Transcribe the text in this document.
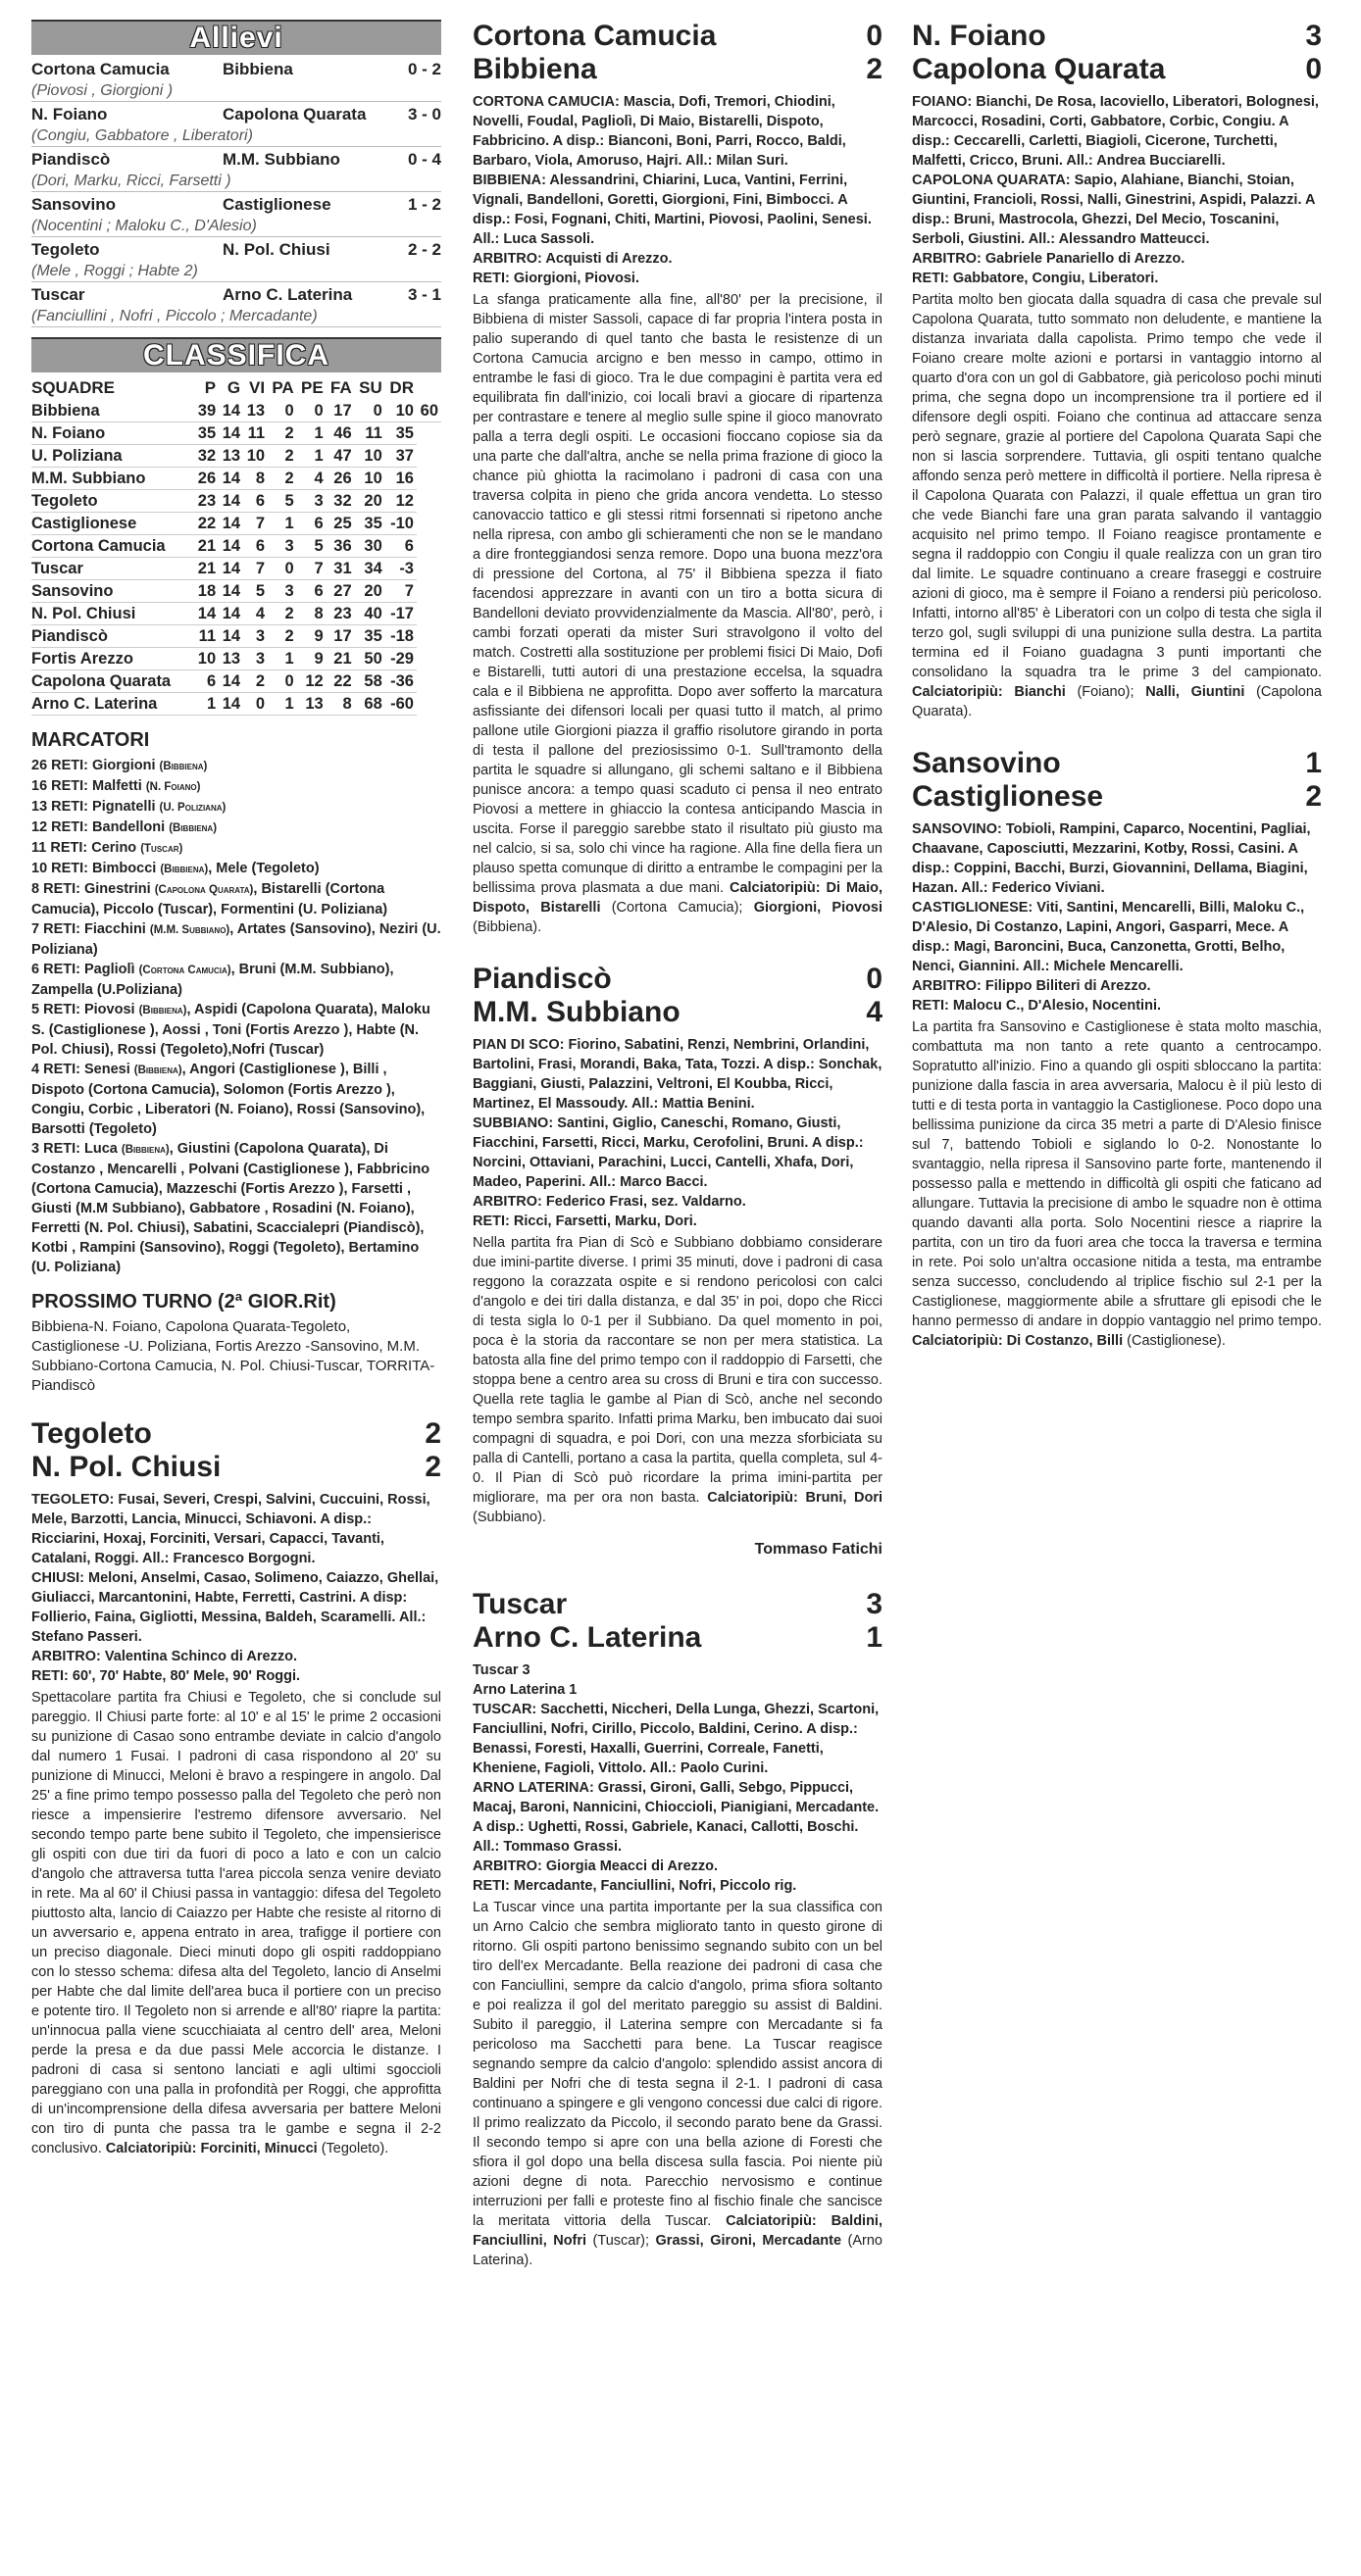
Allievi
Cortona Camucia	Bibbiena	0 - 2
(Piovosi , Giorgioni )
N. Foiano	Capolona Quarata	3 - 0
(Congiu, Gabbatore , Liberatori)
Piandiscò	M.M. Subbiano	0 - 4
(Dori, Marku, Ricci, Farsetti )
Sansovino	Castiglionese	1 - 2
(Nocentini ; Maloku C., D'Alesio)
Tegoleto	N. Pol. Chiusi	2 - 2
(Mele , Roggi ; Habte 2)
Tuscar	Arno C. Laterina	3 - 1
(Fanciullini , Nofri , Piccolo ; Mercadante)
CLASSIFICA
SQUADRE	P	G	VI	PA	PE	FA	SU	DR	
Bibbiena	39	14	13	0	0	17	0	10	60
N. Foiano	35	14	11	2	1	46	11	35	
U. Poliziana	32	13	10	2	1	47	10	37	
M.M. Subbiano	26	14	8	2	4	26	10	16	
Tegoleto	23	14	6	5	3	32	20	12	
Castiglionese	22	14	7	1	6	25	35	-10	
Cortona Camucia	21	14	6	3	5	36	30	6	
Tuscar	21	14	7	0	7	31	34	-3	
Sansovino	18	14	5	3	6	27	20	7	
N. Pol. Chiusi	14	14	4	2	8	23	40	-17	
Piandiscò	11	14	3	2	9	17	35	-18	
Fortis Arezzo	10	13	3	1	9	21	50	-29	
Capolona Quarata	6	14	2	0	12	22	58	-36	
Arno C. Laterina	1	14	0	1	13	8	68	-60	
MARCATORI
26 RETI: Giorgioni (Bibbiena)
16 RETI: Malfetti (N. Foiano)
13 RETI: Pignatelli (U. Poliziana)
12 RETI: Bandelloni (Bibbiena)
11 RETI: Cerino (Tuscar)
10 RETI: Bimbocci (Bibbiena), Mele (Tegoleto)
8 RETI: Ginestrini (Capolona Quarata), Bistarelli (Cortona Camucia), Piccolo (Tuscar), Formentini (U. Poliziana)
7 RETI: Fiacchini (M.M. Subbiano), Artates (Sansovino), Neziri (U. Poliziana)
6 RETI: Pagliolì (Cortona Camucia), Bruni (M.M. Subbiano), Zampella (U.Poliziana)
5 RETI: Piovosi (Bibbiena), Aspidi (Capolona Quarata), Maloku S. (Castiglionese ), Aossi , Toni (Fortis Arezzo ), Habte (N. Pol. Chiusi), Rossi (Tegoleto),Nofri (Tuscar)
4 RETI: Senesi (Bibbiena), Angori (Castiglionese ), Billi , Dispoto (Cortona Camucia), Solomon (Fortis Arezzo ), Congiu, Corbic , Liberatori (N. Foiano), Rossi (Sansovino), Barsotti (Tegoleto)
3 RETI: Luca (Bibbiena), Giustini (Capolona Quarata), Di Costanzo , Mencarelli , Polvani (Castiglionese ), Fabbricino (Cortona Camucia), Mazzeschi (Fortis Arezzo ), Farsetti , Giusti (M.M Subbiano), Gabbatore , Rosadini (N. Foiano), Ferretti (N. Pol. Chiusi), Sabatini, Scaccialepri (Piandiscò), Kotbi , Rampini (Sansovino), Roggi (Tegoleto), Bertamino (U. Poliziana)
PROSSIMO TURNO (2ª GIOR.Rit)
Bibbiena-N. Foiano, Capolona Quarata-Tegoleto, Castiglionese -U. Poliziana, Fortis Arezzo -Sansovino, M.M. Subbiano-Cortona Camucia, N. Pol. Chiusi-Tuscar, TORRITA-Piandiscò
Tegoleto	2
N. Pol. Chiusi	2

TEGOLETO: Fusai, Severi, Crespi, Salvini, Cuccuini, Rossi, Mele, Barzotti, Lancia, Minucci, Schiavoni. A disp.: Ricciarini, Hoxaj, Forciniti, Versari, Capacci, Tavanti, Catalani, Roggi. All.: Francesco Borgogni.

CHIUSI: Meloni, Anselmi, Casao, Solimeno, Caiazzo, Ghellai, Giuliacci, Marcantonini, Habte, Ferretti, Castrini. A disp: Follierio, Faina, Gigliotti, Messina, Baldeh, Scaramelli. All.: Stefano Passeri.

ARBITRO: Valentina Schinco di Arezzo.

RETI: 60', 70' Habte, 80' Mele, 90' Roggi.

Spettacolare partita fra Chiusi e Tegoleto, che si conclude sul pareggio. Il Chiusi parte forte: al 10' e al 15' le prime 2 occasioni su punizione di Casao sono entrambe deviate in calcio d'angolo dal numero 1 Fusai. I padroni di casa rispondono al 20' su punizione di Minucci, Meloni è bravo a respingere in angolo. Dal 25' a fine primo tempo possesso palla del Tegoleto che però non riesce a impensierire l'estremo difensore avversario. Nel secondo tempo parte bene subito il Tegoleto, che impensierisce gli ospiti con due tiri da fuori di poco a lato e con un calcio d'angolo che attraversa tutta l'area piccola senza venire deviato in rete. Ma al 60' il Chiusi passa in vantaggio: difesa del Tegoleto piuttosto alta, lancio di Caiazzo per Habte che resiste al ritorno di un avversario e, appena entrato in area, trafigge il portiere con un preciso diagonale. Dieci minuti dopo gli ospiti raddoppiano con lo stesso schema: difesa alta del Tegoleto, lancio di Anselmi per Habte che dal limite dell'area buca il portiere con un preciso e potente tiro. Il Tegoleto non si arrende e all'80' riapre la partita: un'innocua palla viene scucchiaiata al centro dell' area, Meloni perde la presa e da due passi Mele accorcia le distanze. I padroni di casa si sentono lanciati e agli ultimi sgoccioli pareggiano con una palla in profondità per Roggi, che approfitta di un'incomprensione della difesa avversaria per battere Meloni con tiro di punta che passa tra le gambe e segna il 2-2 conclusivo. Calciatoripiù: Forciniti, Minucci (Tegoleto).

Cortona Camucia	0
Bibbiena	2

CORTONA CAMUCIA: Mascia, Dofi, Tremori, Chiodini, Novelli, Foudal, Pagliolì, Di Maio, Bistarelli, Dispoto, Fabbricino. A disp.: Bianconi, Boni, Parri, Rocco, Baldi, Barbaro, Viola, Amoruso, Hajri. All.: Milan Suri.

BIBBIENA: Alessandrini, Chiarini, Luca, Vantini, Ferrini, Vignali, Bandelloni, Goretti, Giorgioni, Fini, Bimbocci. A disp.: Fosi, Fognani, Chiti, Martini, Piovosi, Paolini, Senesi. All.: Luca Sassoli.

ARBITRO: Acquisti di Arezzo.

RETI: Giorgioni, Piovosi.

La sfanga praticamente alla fine, all'80' per la precisione, il Bibbiena di mister Sassoli, capace di far propria l'intera posta in palio superando di quel tanto che basta le resistenze di un Cortona Camucia arcigno e ben messo in campo, ottimo in entrambe le fasi di gioco. Tra le due compagini è partita vera ed equilibrata fin dall'inizio, coi locali bravi a giocare di ripartenza per contrastare e tenere al meglio sulle spine il gioco manovrato palla a terra degli ospiti. Le occasioni fioccano copiose sia da una parte che dall'altra, anche se nella prima frazione di gioco la chance più ghiotta la racimolano i padroni di casa con una traversa colpita in pieno che grida ancora vendetta. Lo stesso canovaccio tattico e gli stessi ritmi forsennati si ripetono anche nella ripresa, con ambo gli schieramenti che non se le mandano a dire fronteggiandosi senza remore. Dopo una buona mezz'ora di pressione del Cortona, al 75' il Bibbiena spezza il fiato facendosi apprezzare in avanti con un tiro a botta sicura di Bandelloni deviato provvidenzialmente da Mascia. All'80', però, i cambi forzati operati da mister Suri stravolgono il volto del match. Costretti alla sostituzione per problemi fisici Di Maio, Dofi e Bistarelli, tutti autori di una prestazione eccelsa, la squadra cala e il Bibbiena ne approfitta. Dopo aver sofferto la marcatura asfissiante dei difensori locali per quasi tutto il match, al primo pallone utile Giorgioni piazza il graffio risolutore girando in porta di testa il pallone del preziosissimo 0-1. Sull'tramonto della partita le squadre si allungano, gli schemi saltano e il Bibbiena punisce ancora: a tempo quasi scaduto ci pensa il neo entrato Piovosi a mettere in ghiaccio la contesa anticipando Mascia in uscita. Forse il pareggio sarebbe stato il risultato più giusto ma nel calcio, si sa, solo chi vince ha ragione. Alla fine della fiera un plauso spetta comunque di diritto a entrambe le compagini per la bellissima prova plasmata a due mani. Calciatoripiù: Di Maio, Dispoto, Bistarelli (Cortona Camucia); Giorgioni, Piovosi (Bibbiena).

Piandiscò	0
M.M. Subbiano	4

PIAN DI SCO: Fiorino, Sabatini, Renzi, Nembrini, Orlandini, Bartolini, Frasi, Morandi, Baka, Tata, Tozzi. A disp.: Sonchak, Baggiani, Giusti, Palazzini, Veltroni, El Koubba, Ricci, Martinez, El Massoudy. All.: Mattia Benini.

SUBBIANO: Santini, Giglio, Caneschi, Romano, Giusti, Fiacchini, Farsetti, Ricci, Marku, Cerofolini, Bruni. A disp.: Norcini, Ottaviani, Parachini, Lucci, Cantelli, Xhafa, Dori, Madeo, Paperini. All.: Marco Bacci.

ARBITRO: Federico Frasi, sez. Valdarno.

RETI: Ricci, Farsetti, Marku, Dori.

Nella partita fra Pian di Scò e Subbiano dobbiamo considerare due imini-partite diverse. I primi 35 minuti, dove i padroni di casa reggono la corazzata ospite e si rendono pericolosi con calci d'angolo e dei tiri dalla distanza, e dal 35' in poi, dopo che Ricci di testa sigla lo 0-1 per il Subbiano. Da quel momento in poi, poca è la storia da raccontare se non per mera statistica. La batosta alla fine del primo tempo con il raddoppio di Farsetti, che stoppa bene a centro area su cross di Bruni e tira con successo. Quella rete taglia le gambe al Pian di Scò, anche nel secondo tempo sembra sparito. Infatti prima Marku, ben imbucato dai suoi compagni di squadra, e poi Dori, con una mezza sforbiciata su palla di Cantelli, portano a casa la partita, quella completa, sul 4-0. Il Pian di Scò può ricordare la prima imini-partita per migliorare, ma per ora non basta. Calciatoripiù: Bruni, Dori (Subbiano).

Tommaso Fatichi
Tuscar	3
Arno C. Laterina	1

Tuscar 3

Arno Laterina 1

TUSCAR: Sacchetti, Niccheri, Della Lunga, Ghezzi, Scartoni, Fanciullini, Nofri, Cirillo, Piccolo, Baldini, Cerino. A disp.: Benassi, Foresti, Haxalli, Guerrini, Correale, Fanetti, Kheniene, Fagioli, Vittolo. All.: Paolo Curini.

ARNO LATERINA: Grassi, Gironi, Galli, Sebgo, Pippucci, Macaj, Baroni, Nannicini, Chioccioli, Pianigiani, Mercadante. A disp.: Ughetti, Rossi, Gabriele, Kanaci, Callotti, Boschi. All.: Tommaso Grassi.

ARBITRO: Giorgia Meacci di Arezzo.

RETI: Mercadante, Fanciullini, Nofri, Piccolo rig.

La Tuscar vince una partita importante per la sua classifica con un Arno Calcio che sembra migliorato tanto in questo girone di ritorno. Gli ospiti partono benissimo segnando subito con un bel tiro dell'ex Mercadante. Bella reazione dei padroni di casa che con Fanciullini, sempre da calcio d'angolo, prima sfiora soltanto e poi realizza il gol del meritato pareggio su assist di Baldini. Subito il pareggio, il Laterina sempre con Mercadante si fa pericoloso ma Sacchetti para bene. La Tuscar reagisce segnando sempre da calcio d'angolo: splendido assist ancora di Baldini per Nofri che di testa segna il 2-1. I padroni di casa continuano a spingere e gli vengono concessi due calci di rigore. Il primo realizzato da Piccolo, il secondo parato bene da Grassi. Il secondo tempo si apre con una bella azione di Foresti che sfiora il gol dopo una bella discesa sulla fascia. Poi niente più azioni degne di nota. Parecchio nervosismo e continue interruzioni per falli e proteste fino al fischio finale che sancisce la meritata vittoria della Tuscar. Calciatoripiù: Baldini, Fanciullini, Nofri (Tuscar); Grassi, Gironi, Mercadante (Arno Laterina).

N. Foiano	3
Capolona Quarata	0

FOIANO: Bianchi, De Rosa, Iacoviello, Liberatori, Bolognesi, Marcocci, Rosadini, Corti, Gabbatore, Corbic, Congiu. A disp.: Ceccarelli, Carletti, Biagioli, Cicerone, Turchetti, Malfetti, Cricco, Bruni. All.: Andrea Bucciarelli.

CAPOLONA QUARATA: Sapio, Alahiane, Bianchi, Stoian, Giuntini, Francioli, Rossi, Nalli, Ginestrini, Aspidi, Palazzi. A disp.: Bruni, Mastrocola, Ghezzi, Del Mecio, Toscanini, Serboli, Giustini. All.: Alessandro Matteucci.

ARBITRO: Gabriele Panariello di Arezzo.

RETI: Gabbatore, Congiu, Liberatori.

Partita molto ben giocata dalla squadra di casa che prevale sul Capolona Quarata, tutto sommato non deludente, e mantiene la distanza invariata dalla capolista. Primo tempo che vede il Foiano creare molte azioni e portarsi in vantaggio intorno al quarto d'ora con un gol di Gabbatore, già pericoloso pochi minuti prima, che segna dopo un incomprensione tra il portiere ed il difensore degli ospiti. Foiano che continua ad attaccare senza però segnare, grazie al portiere del Capolona Quarata Sapi che non si lascia sorprendere. Tuttavia, gli ospiti tentano qualche affondo senza però mettere in difficoltà il portiere. Nella ripresa è il Capolona Quarata con Palazzi, il quale effettua un gran tiro che vede Bianchi fare una gran parata salvando il vantaggio acquisito nel primo tempo. Il Foiano reagisce prontamente e segna il raddoppio con Congiu il quale realizza con un gran tiro dal limite. Le squadre continuano a creare fraseggi e costruire azioni di gioco, ma è sempre il Foiano a rendersi più pericoloso. Infatti, intorno all'85' è Liberatori con un colpo di testa che sigla il terzo gol, sugli sviluppi di una punizione sulla destra. La partita termina ed il Foiano guadagna 3 punti importanti che consolidano la squadra tra le prime 3 del campionato. Calciatoripiù: Bianchi (Foiano); Nalli, Giuntini (Capolona Quarata).

Sansovino	1
Castiglionese	2

SANSOVINO: Tobioli, Rampini, Caparco, Nocentini, Pagliai, Chaavane, Caposciutti, Mezzarini, Kotby, Rossi, Casini. A disp.: Coppini, Bacchi, Burzi, Giovannini, Dellama, Biagini, Hazan. All.: Federico Viviani.

CASTIGLIONESE: Viti, Santini, Mencarelli, Billi, Maloku C., D'Alesio, Di Costanzo, Lapini, Angori, Gasparri, Mece. A disp.: Magi, Baroncini, Buca, Canzonetta, Grotti, Belho, Nenci, Giannini. All.: Michele Mencarelli.

ARBITRO: Filippo Biliteri di Arezzo.

RETI: Malocu C., D'Alesio, Nocentini.

La partita fra Sansovino e Castiglionese è stata molto maschia, combattuta ma non tanto a rete quanto a centrocampo. Sopratutto all'inizio. Fino a quando gli ospiti sbloccano la partita: punizione dalla fascia in area avversaria, Malocu è il più lesto di tutti e di testa porta in vantaggio la Castiglionese. Poco dopo una bellissima punizione da circa 35 metri a parte di D'Alesio finisce sul 7, battendo Tobioli e siglando lo 0-2. Nonostante lo svantaggio, nella ripresa il Sansovino parte forte, mantenendo il possesso palla e mettendo in difficoltà gli ospiti che faticano ad allungare. Tuttavia la precisione di ambo le squadre non è ottima quando davanti alla porta. Solo Nocentini riesce a riaprire la partita, con un tiro da fuori area che tocca la traversa e termina in rete. Poi solo un'altra occasione nitida a testa, ma entrambe senza successo, concludendo al triplice fischio sul 2-1 per la Castiglionese, maggiormente abile a sfruttare gli episodi che le hanno permesso di andare in doppio vantaggio nel primo tempo. Calciatoripiù: Di Costanzo, Billi (Castiglionese).
